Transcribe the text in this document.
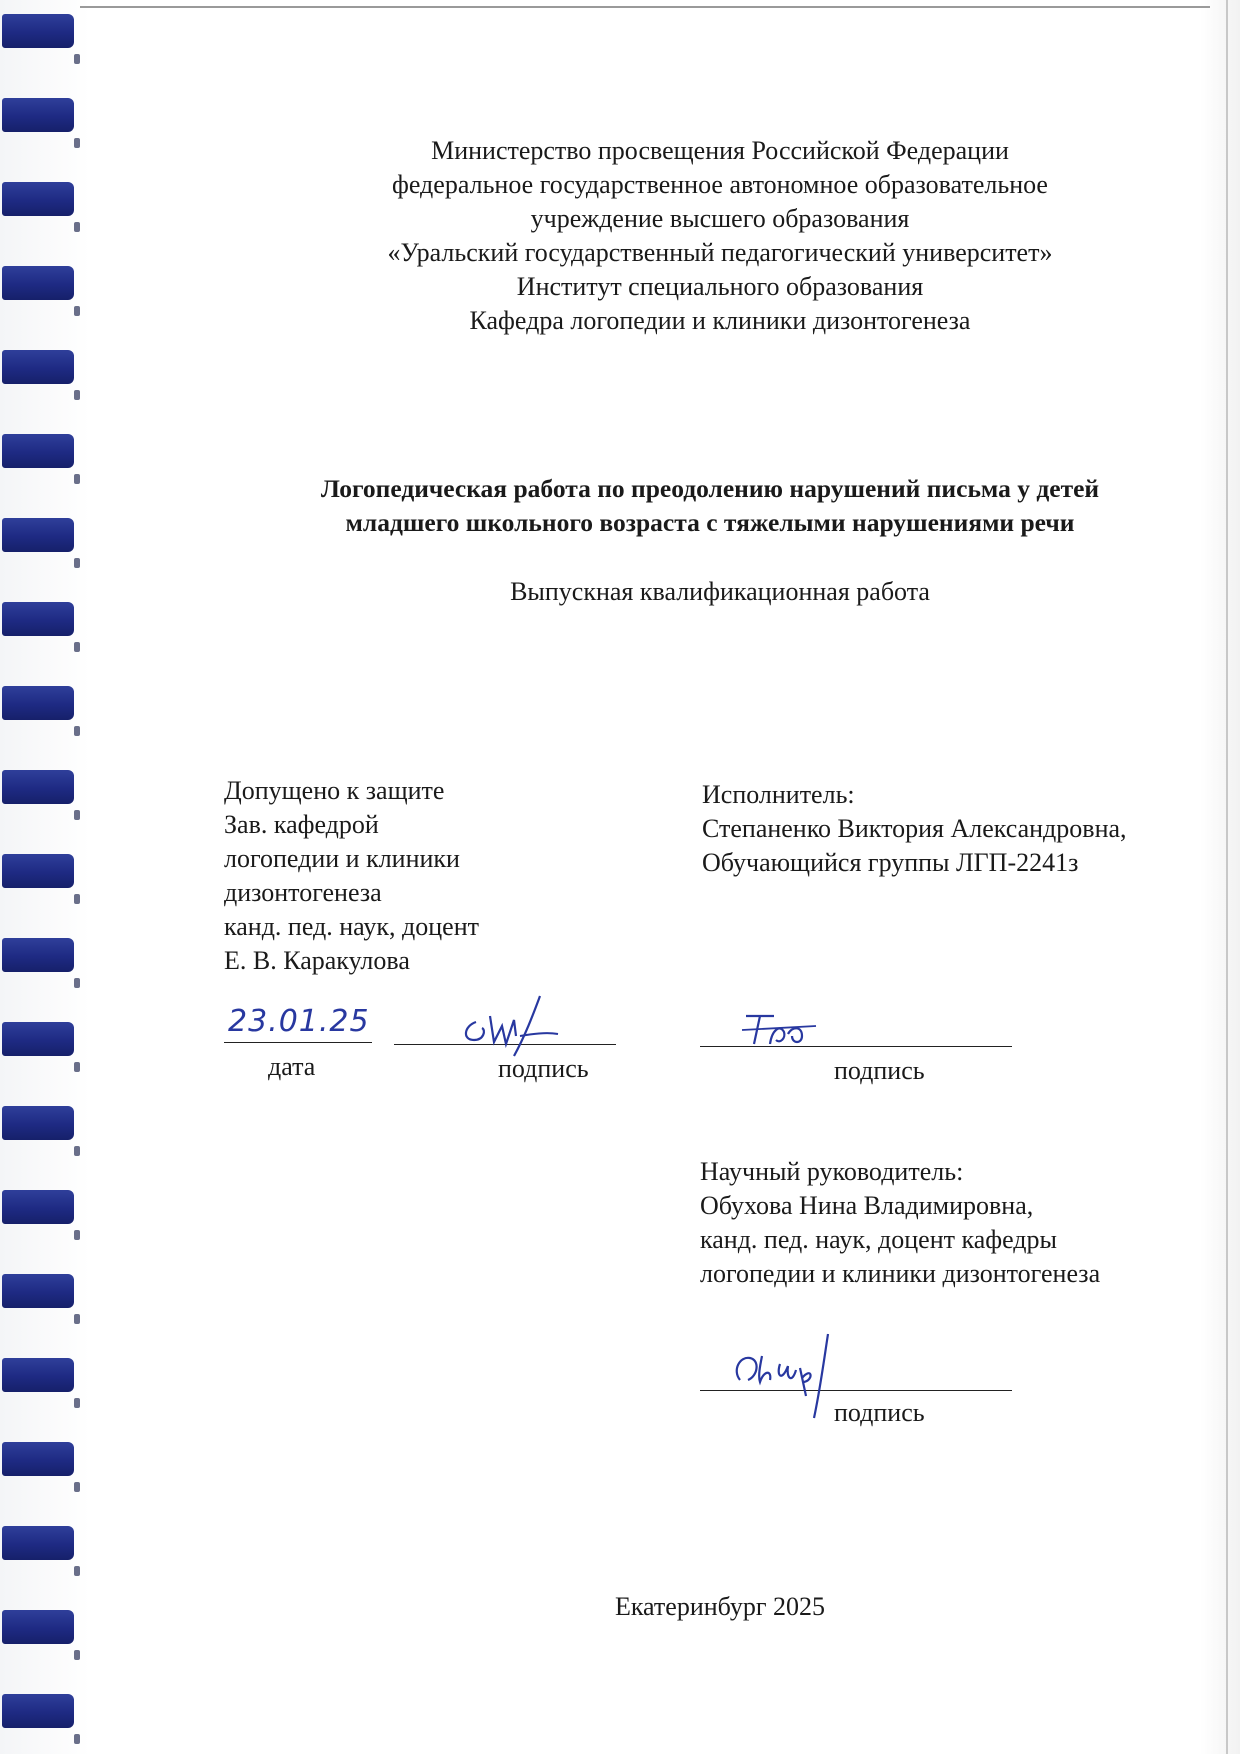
Министерство просвещения Российской Федерации
федеральное государственное автономное образовательное
учреждение высшего образования
«Уральский государственный педагогический университет»
Институт специального образования
Кафедра логопедии и клиники дизонтогенеза
Логопедическая работа по преодолению нарушений письма у детей
младшего школьного возраста с тяжелыми нарушениями речи
Выпускная квалификационная работа
Допущено к защите
Зав. кафедрой
логопедии и клиники
дизонтогенеза
канд. пед. наук, доцент
Е. В. Каракулова
23.01.25
дата	подпись
Исполнитель:
Степаненко Виктория Александровна,
Обучающийся группы ЛГП-2241з
подпись
Научный руководитель:
Обухова Нина Владимировна,
канд. пед. наук, доцент кафедры
логопедии и клиники дизонтогенеза
подпись
Екатеринбург 2025
